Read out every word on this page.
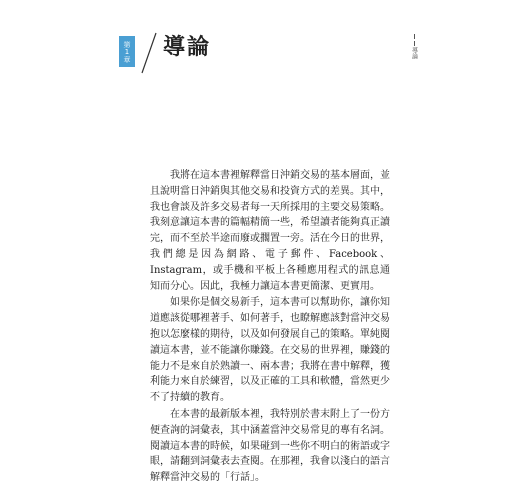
第
1
章 導論	導論

我將在這本書裡解釋當日沖銷交易的基本層面，並且說明當日沖銷與其他交易和投資方式的差異。其中，我也會談及許多交易者每一天所採用的主要交易策略。我刻意讓這本書的篇幅精簡一些，希望讀者能夠真正讀完，而不至於半途而廢或擱置一旁。活在今日的世界，我們總是因為網路、電子郵件、Facebook、Instagram，或手機和平板上各種應用程式的訊息通知而分心。因此，我極力讓這本書更簡潔、更實用。

如果你是個交易新手，這本書可以幫助你，讓你知道應該從哪裡著手、如何著手，也瞭解應該對當沖交易抱以怎麼樣的期待，以及如何發展自己的策略。單純閱讀這本書，並不能讓你賺錢。在交易的世界裡，賺錢的能力不是來自於熟讀一、兩本書；我將在書中解釋，獲利能力來自於練習，以及正確的工具和軟體，當然更少不了持續的教育。

在本書的最新版本裡，我特別於書末附上了一份方便查詢的詞彙表，其中涵蓋當沖交易常見的專有名詞。閱讀這本書的時候，如果碰到一些你不明白的術語或字眼，請翻到詞彙表去查閱。在那裡，我會以淺白的語言解釋當沖交易的「行話」。
